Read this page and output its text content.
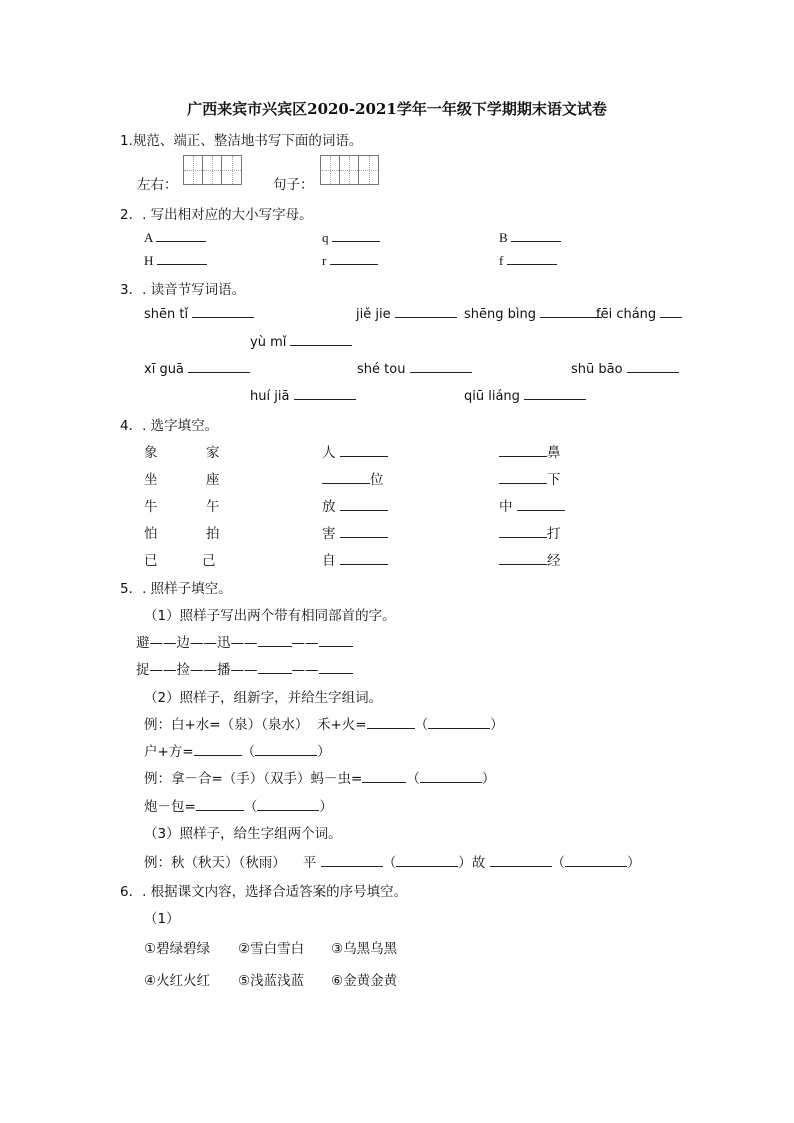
广西来宾市兴宾区2020-2021学年一年级下学期期末语文试卷
1.规范、端正、整洁地书写下面的词语。
左右：	句子：
2．. 写出相对应的大小写字母。
A	q	B
H	r	f
3．. 读音节写词语。
shēn tǐ	jiě jie	shēng bìng	fēi cháng
yù mǐ
xī guā	shé tou	shū bāo
huí jiā	qiū liáng
4．. 选字填空。
象	家	人	鼻
坐	座	位	下
牛	午	放	中
怕	拍	害	打
已	己	自	经
5．. 照样子填空。
（1）照样子写出两个带有相同部首的字。
避——边——迅——	——
捉——捡——播——	——
（2）照样子，组新字，并给生字组词。
例：白+水=（泉）（泉水） 禾+火=	（	）
户+方=	（	）
例：拿－合=（手）（双手）蚂－虫=	（	）
炮－包=	（	）
（3）照样子，给生字组两个词。
例：秋（秋天）（秋雨） 平	（	）故	（	）
6．. 根据课文内容，选择合适答案的序号填空。
（1）
①碧绿碧绿 ②雪白雪白 ③乌黑乌黑
④火红火红 ⑤浅蓝浅蓝 ⑥金黄金黄
